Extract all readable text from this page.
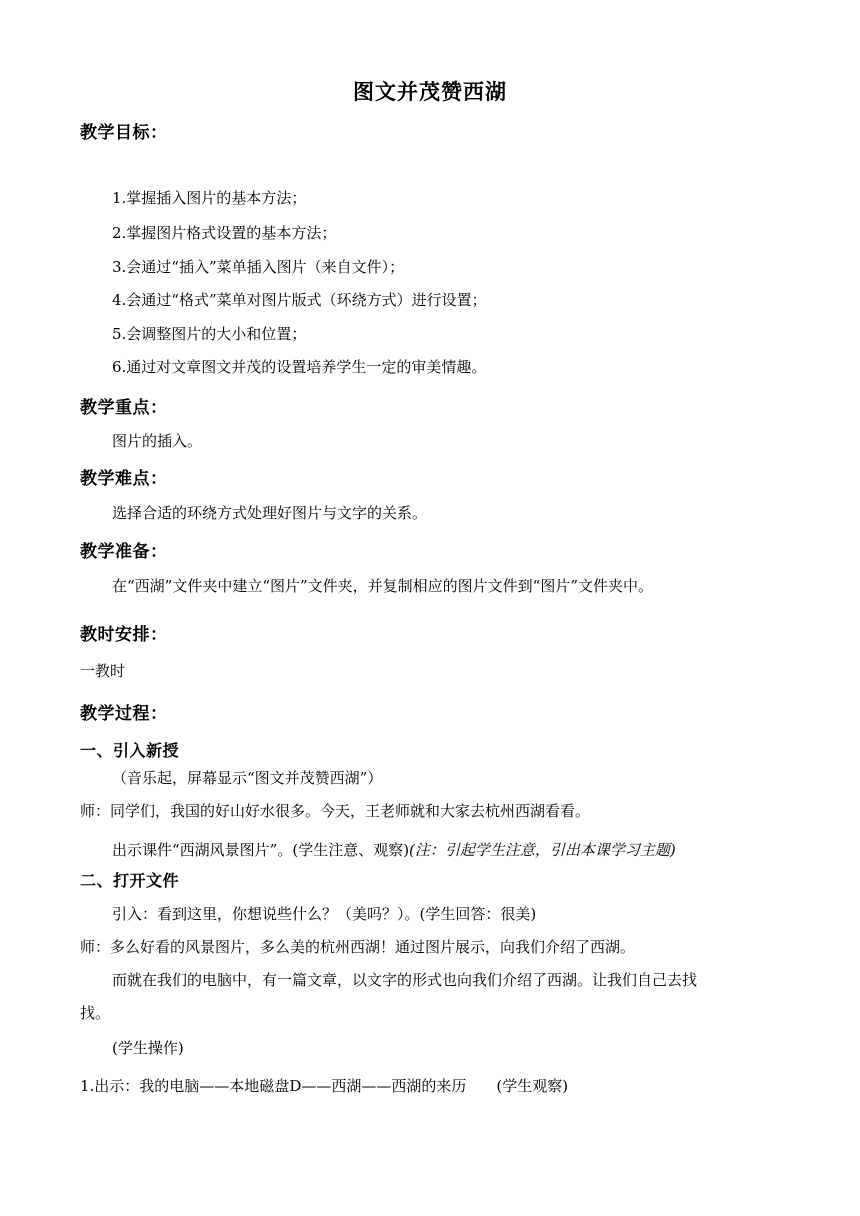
图文并茂赞西湖
教学目标：
1.掌握插入图片的基本方法；
2.掌握图片格式设置的基本方法；
3.会通过“插入”菜单插入图片（来自文件）；
4.会通过“格式”菜单对图片版式（环绕方式）进行设置；
5.会调整图片的大小和位置；
6.通过对文章图文并茂的设置培养学生一定的审美情趣。
教学重点：
图片的插入。
教学难点：
选择合适的环绕方式处理好图片与文字的关系。
教学准备：
在“西湖”文件夹中建立“图片”文件夹，并复制相应的图片文件到“图片”文件夹中。
教时安排：
一教时
教学过程：
一、引入新授
（音乐起，屏幕显示“图文并茂赞西湖”）
师：同学们，我国的好山好水很多。今天，王老师就和大家去杭州西湖看看。
出示课件“西湖风景图片”。(学生注意、观察)(注：引起学生注意，引出本课学习主题)
二、打开文件
引入：看到这里，你想说些什么？（美吗？）。(学生回答：很美)
师：多么好看的风景图片，多么美的杭州西湖！通过图片展示，向我们介绍了西湖。
而就在我们的电脑中，有一篇文章，以文字的形式也向我们介绍了西湖。让我们自己去找
找。
(学生操作)
1.出示：我的电脑——本地磁盘D——西湖——西湖的来历　　(学生观察)
